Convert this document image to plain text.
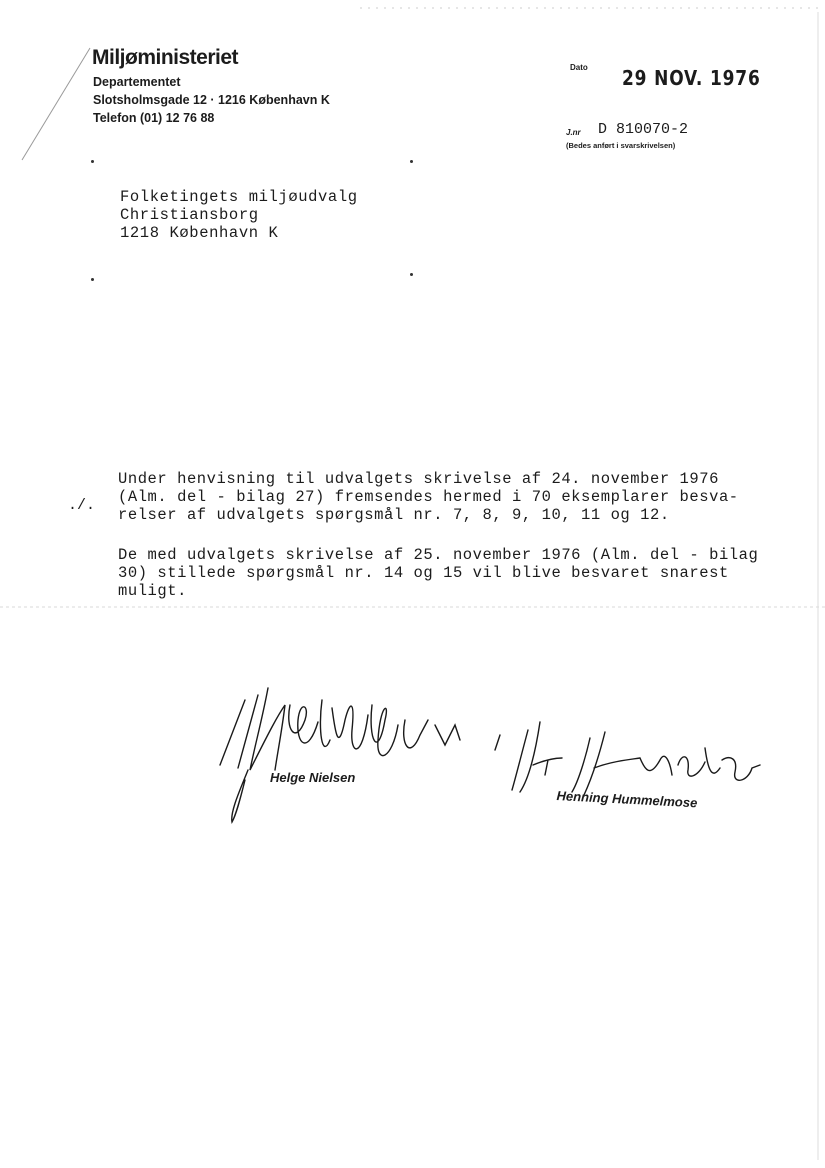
Miljøministeriet
Departementet
Slotsholmsgade 12 · 1216 København K
Telefon (01) 12 76 88
Dato 29 NOV. 1976
J.nr D 810070-2
(Bedes anført i svarskrivelsen)
Folketingets miljøudvalg
Christiansborg
1218 København K
./.
Under henvisning til udvalgets skrivelse af 24. november 1976
(Alm. del - bilag 27) fremsendes hermed i 70 eksemplarer besva-
relser af udvalgets spørgsmål nr. 7, 8, 9, 10, 11 og 12.
De med udvalgets skrivelse af 25. november 1976 (Alm. del - bilag
30) stillede spørgsmål nr. 14 og 15 vil blive besvaret snarest
muligt.
Helge Nielsen
Henning Hummelmose
